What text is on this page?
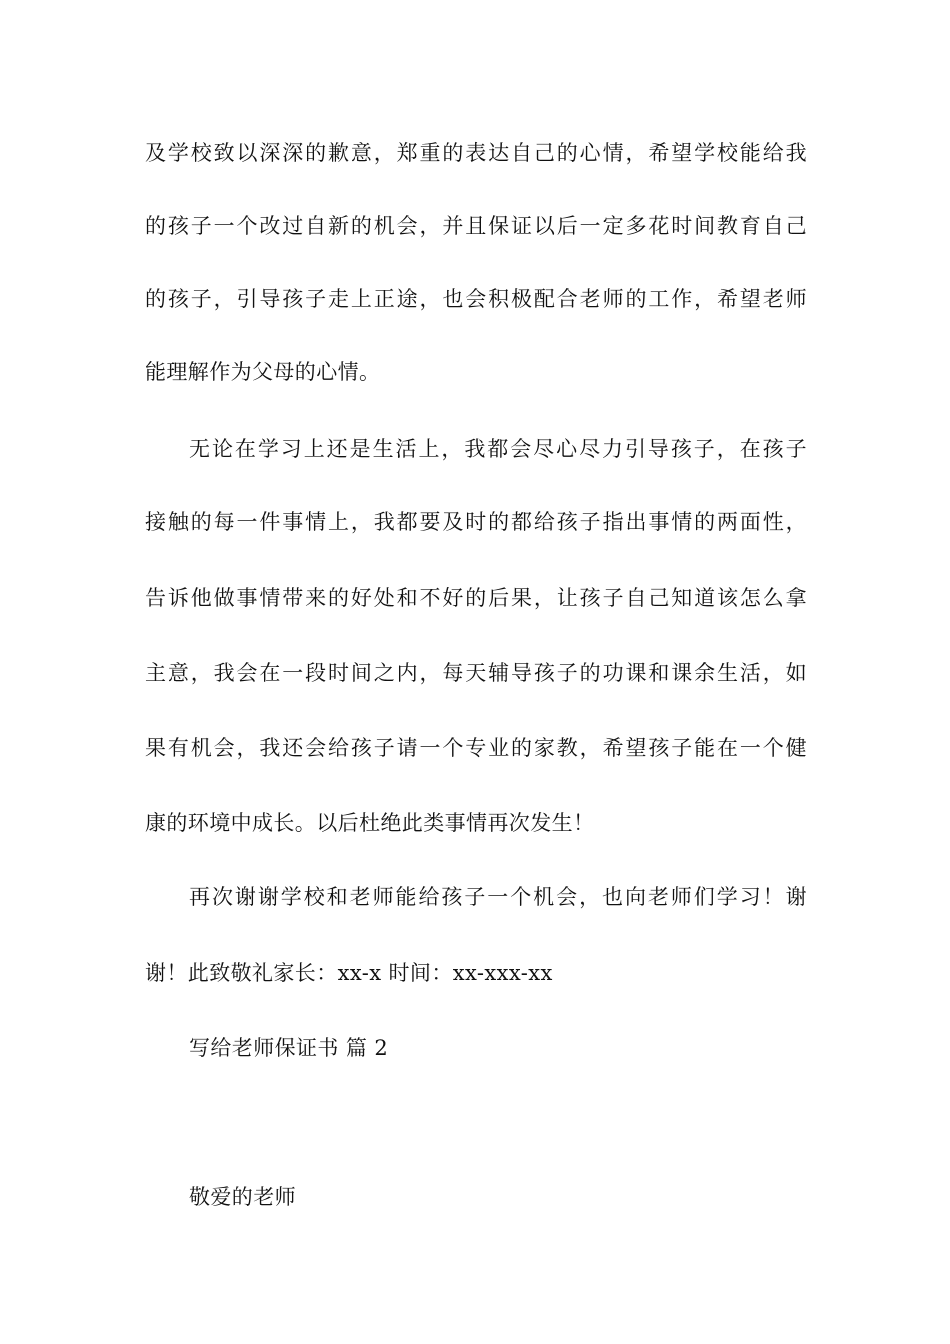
及学校致以深深的歉意，郑重的表达自己的心情，希望学校能给我
的孩子一个改过自新的机会，并且保证以后一定多花时间教育自己
的孩子，引导孩子走上正途，也会积极配合老师的工作，希望老师
能理解作为父母的心情。
无论在学习上还是生活上，我都会尽心尽力引导孩子，在孩子
接触的每一件事情上，我都要及时的都给孩子指出事情的两面性，
告诉他做事情带来的好处和不好的后果，让孩子自己知道该怎么拿
主意，我会在一段时间之内，每天辅导孩子的功课和课余生活，如
果有机会，我还会给孩子请一个专业的家教，希望孩子能在一个健
康的环境中成长。以后杜绝此类事情再次发生！
再次谢谢学校和老师能给孩子一个机会，也向老师们学习！谢
谢！此致敬礼家长：xx-x 时间：xx-xxx-xx
写给老师保证书 篇 2
敬爱的老师
